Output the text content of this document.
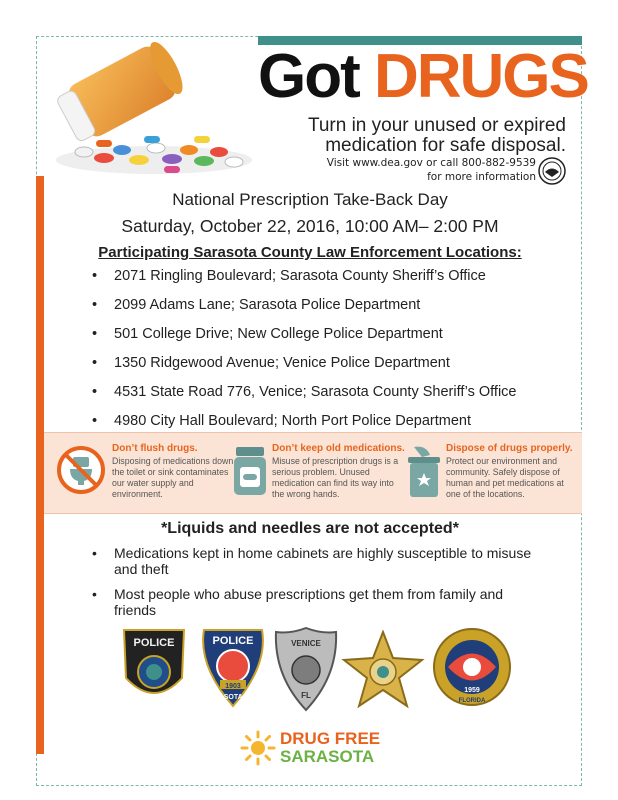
Got DRUGS
Turn in your unused or expired
medication for safe disposal.
Visit www.dea.gov or call 800-882-9539
for more information
National Prescription Take-Back Day
Saturday, October 22, 2016, 10:00 AM– 2:00 PM
Participating Sarasota County Law Enforcement Locations:
• 2071 Ringling Boulevard; Sarasota County Sheriff’s Office
• 2099 Adams Lane; Sarasota Police Department
• 501 College Drive; New College Police Department
• 1350 Ridgewood Avenue; Venice Police Department
• 4531 State Road 776, Venice; Sarasota County Sheriff’s Office
• 4980 City Hall Boulevard; North Port Police Department
Don’t flush drugs.
Disposing of medications down the toilet or sink contaminates our water supply and environment.
Don’t keep old medications.
Misuse of prescription drugs is a serious problem. Unused medication can find its way into the wrong hands.
Dispose of drugs properly.
Protect our environment and community. Safely dispose of human and pet medications at one of the locations.
*Liquids and needles are not accepted*
• Medications kept in home cabinets are highly susceptible to misuse and theft
• Most people who abuse prescriptions get them from family and friends
POLICE	POLICE
1903
SARASOTA, FLA.
VENICE
FL
1959
FLORIDA
DRUG FREE
SARASOTA
